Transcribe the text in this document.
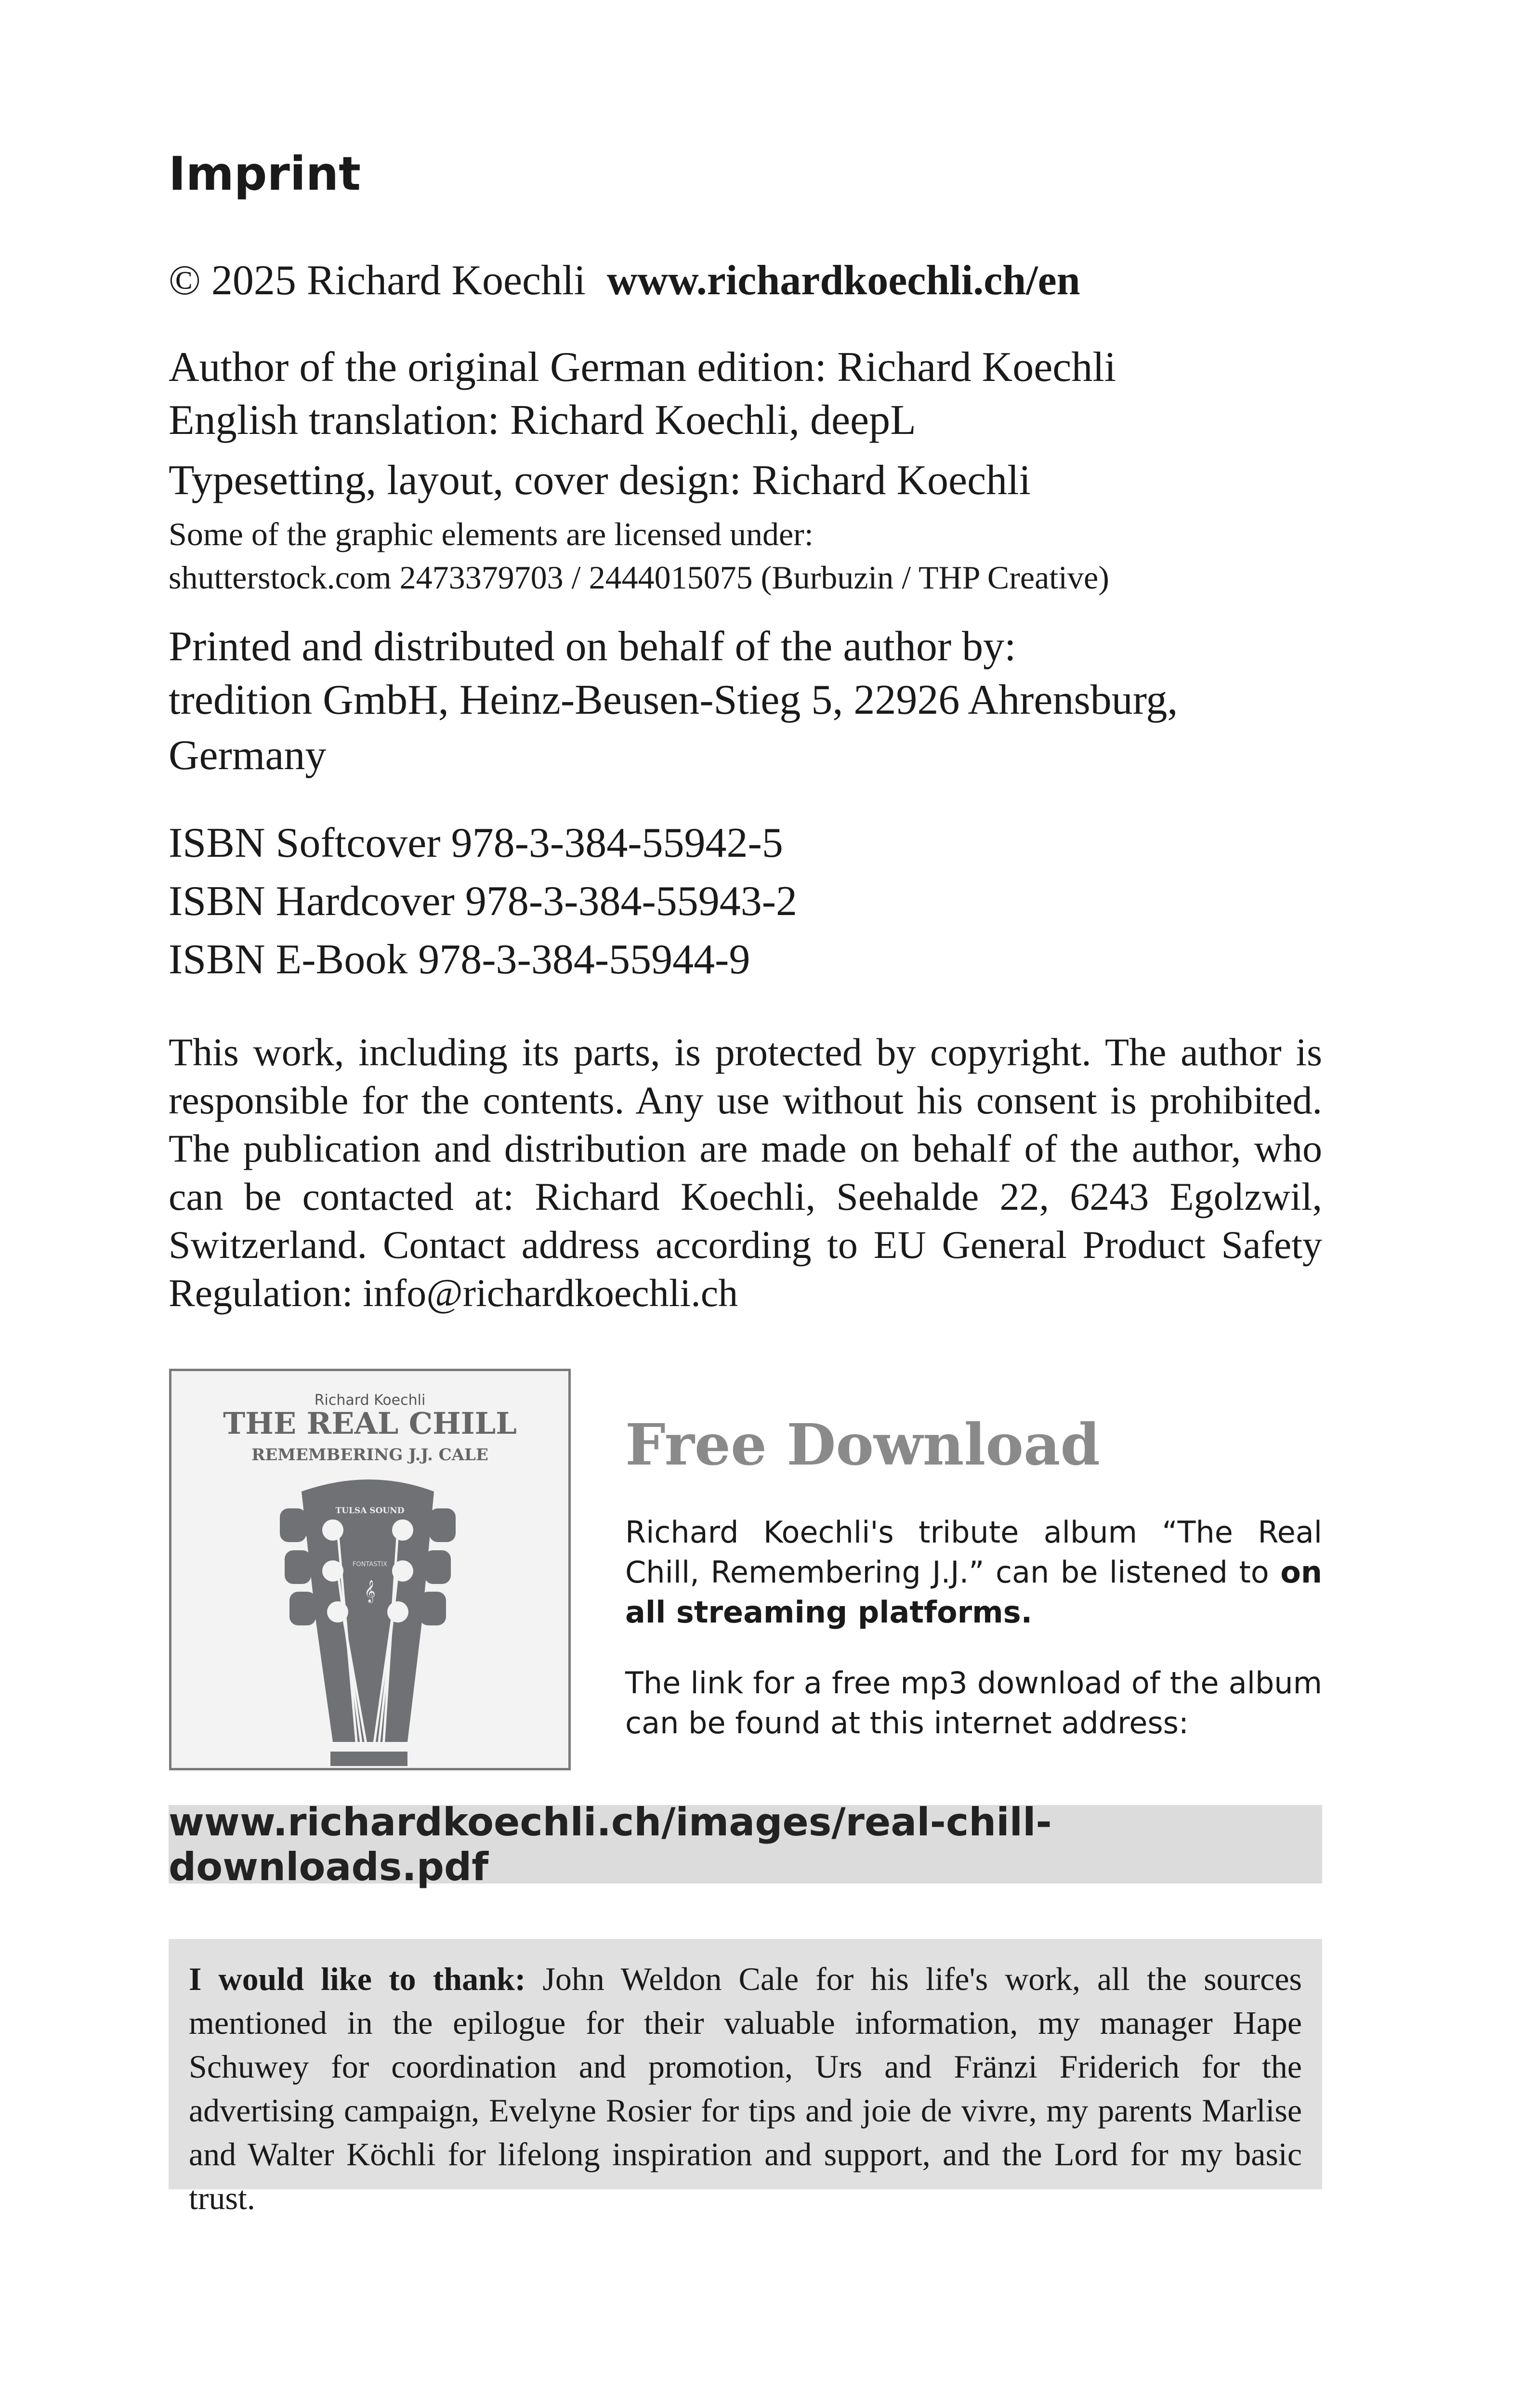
Imprint
© 2025 Richard Koechli www.richardkoechli.ch/en
Author of the original German edition: Richard Koechli
English translation: Richard Koechli, deepL
Typesetting, layout, cover design: Richard Koechli
Some of the graphic elements are licensed under:
shutterstock.com 2473379703 / 2444015075 (Burbuzin / THP Creative)
Printed and distributed on behalf of the author by:
tredition GmbH, Heinz-Beusen-Stieg 5, 22926 Ahrensburg,
Germany
ISBN Softcover 978-3-384-55942-5
ISBN Hardcover 978-3-384-55943-2
ISBN E-Book 978-3-384-55944-9
This work, including its parts, is protected by copyright. The author is responsible for the contents. Any use without his consent is prohibited. The publication and distribution are made on behalf of the author, who can be contacted at: Richard Koechli, Seehalde 22, 6243 Egolzwil, Switzerland. Contact address according to EU General Product Safety Regulation: info@richardkoechli.ch
Richard Koechli
THE REAL CHILL
REMEMBERING J.J. CALE
TULSA SOUND
FONTASTIX
𝄞
Free Download
Richard Koechli's tribute album “The Real Chill, Remembering J.J.” can be listened to on all streaming platforms.
The link for a free mp3 download of the album can be found at this internet address:
www.richardkoechli.ch/images/real-chill-downloads.pdf
I would like to thank: John Weldon Cale for his life's work, all the sources mentioned in the epilogue for their valuable information, my manager Hape Schuwey for coordination and promotion, Urs and Fränzi Friderich for the advertising campaign, Evelyne Rosier for tips and joie de vivre, my parents Marlise and Walter Köchli for lifelong inspiration and support, and the Lord for my basic trust.
